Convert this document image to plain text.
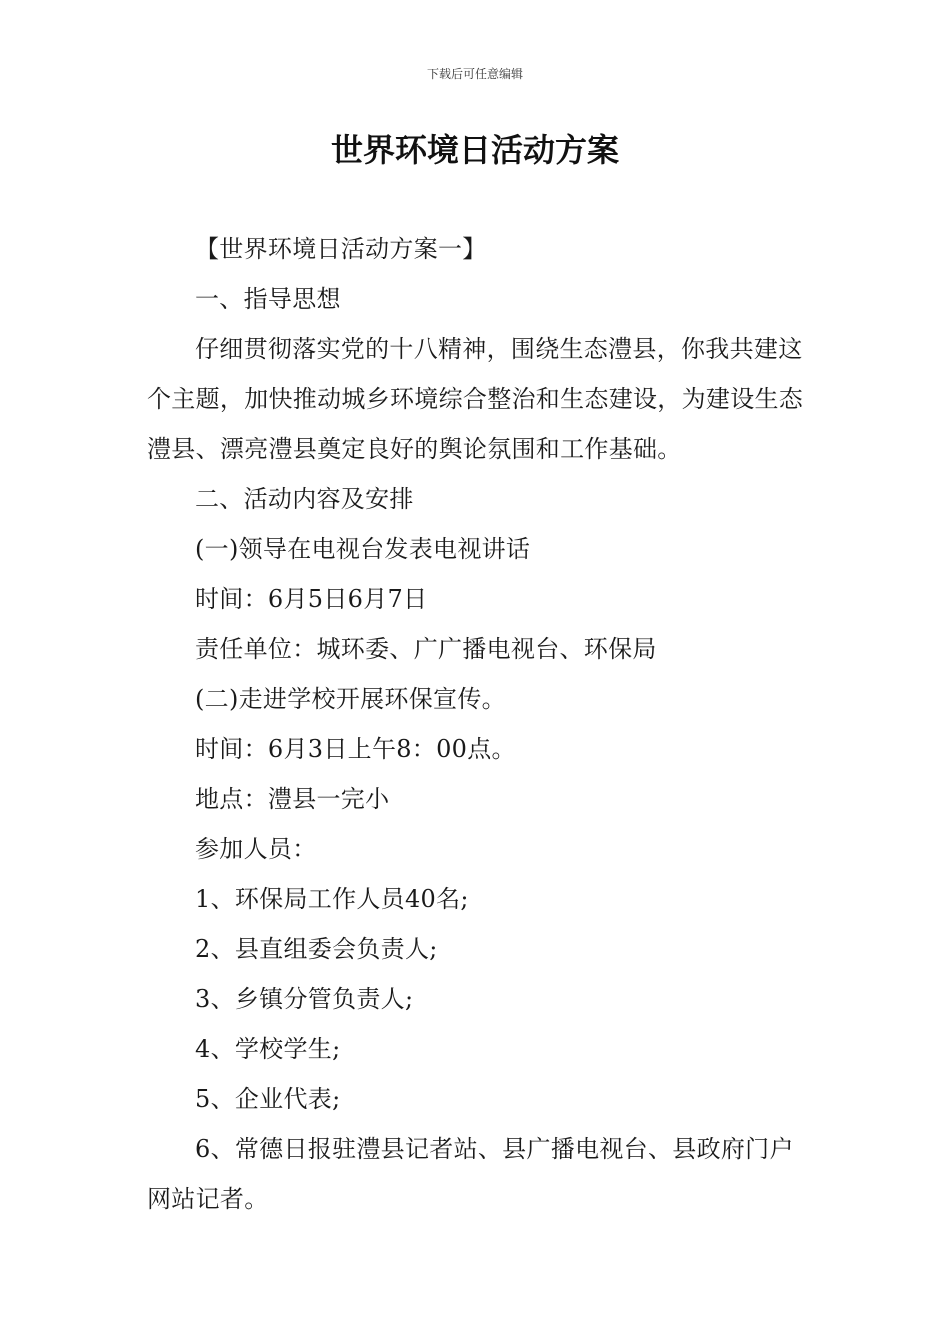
下载后可任意编辑
世界环境日活动方案

【世界环境日活动方案一】

一、指导思想

仔细贯彻落实党的十八精神，围绕生态澧县，你我共建这个主题，加快推动城乡环境综合整治和生态建设，为建设生态澧县、漂亮澧县奠定良好的舆论氛围和工作基础。

二、活动内容及安排

(一)领导在电视台发表电视讲话

时间：6月5日6月7日

责任单位：城环委、广广播电视台、环保局

(二)走进学校开展环保宣传。

时间：6月3日上午8：00点。

地点：澧县一完小

参加人员：

1、环保局工作人员40名;

2、县直组委会负责人;

3、乡镇分管负责人;

4、学校学生;

5、企业代表;

6、常德日报驻澧县记者站、县广播电视台、县政府门户网站记者。
